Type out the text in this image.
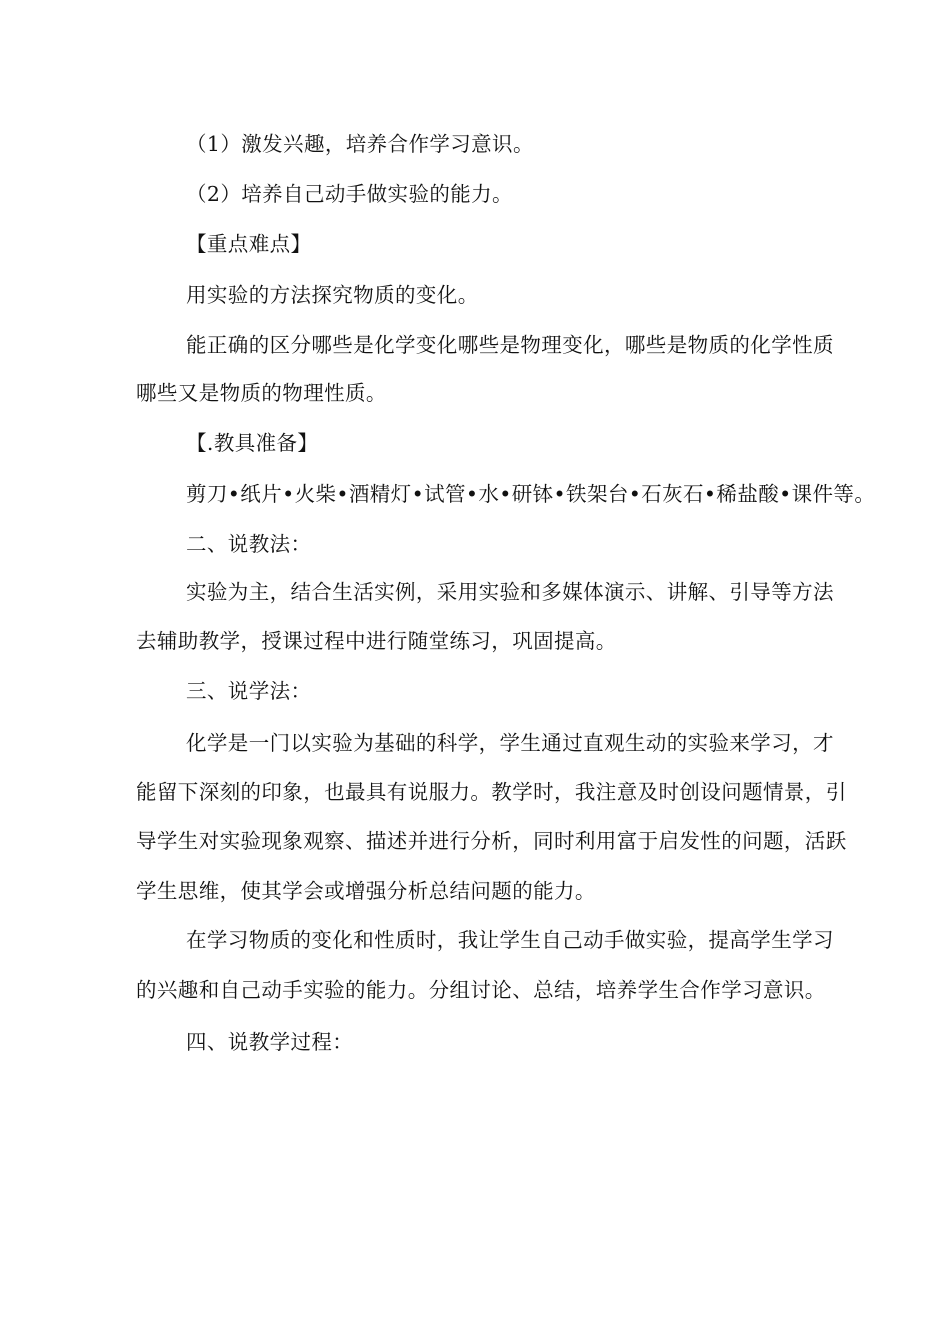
（1）激发兴趣，培养合作学习意识。
（2）培养自己动手做实验的能力。
【重点难点】
用实验的方法探究物质的变化。
能正确的区分哪些是化学变化哪些是物理变化，哪些是物质的化学性质
哪些又是物质的物理性质。
【.教具准备】
剪刀•纸片•火柴•酒精灯•试管•水•研钵•铁架台•石灰石•稀盐酸•课件等。
二、说教法：
实验为主，结合生活实例，采用实验和多媒体演示、讲解、引导等方法
去辅助教学，授课过程中进行随堂练习，巩固提高。
三、说学法：
化学是一门以实验为基础的科学，学生通过直观生动的实验来学习，才
能留下深刻的印象，也最具有说服力。教学时，我注意及时创设问题情景，引
导学生对实验现象观察、描述并进行分析，同时利用富于启发性的问题，活跃
学生思维，使其学会或增强分析总结问题的能力。
在学习物质的变化和性质时，我让学生自己动手做实验，提高学生学习
的兴趣和自己动手实验的能力。分组讨论、总结，培养学生合作学习意识。
四、说教学过程：
